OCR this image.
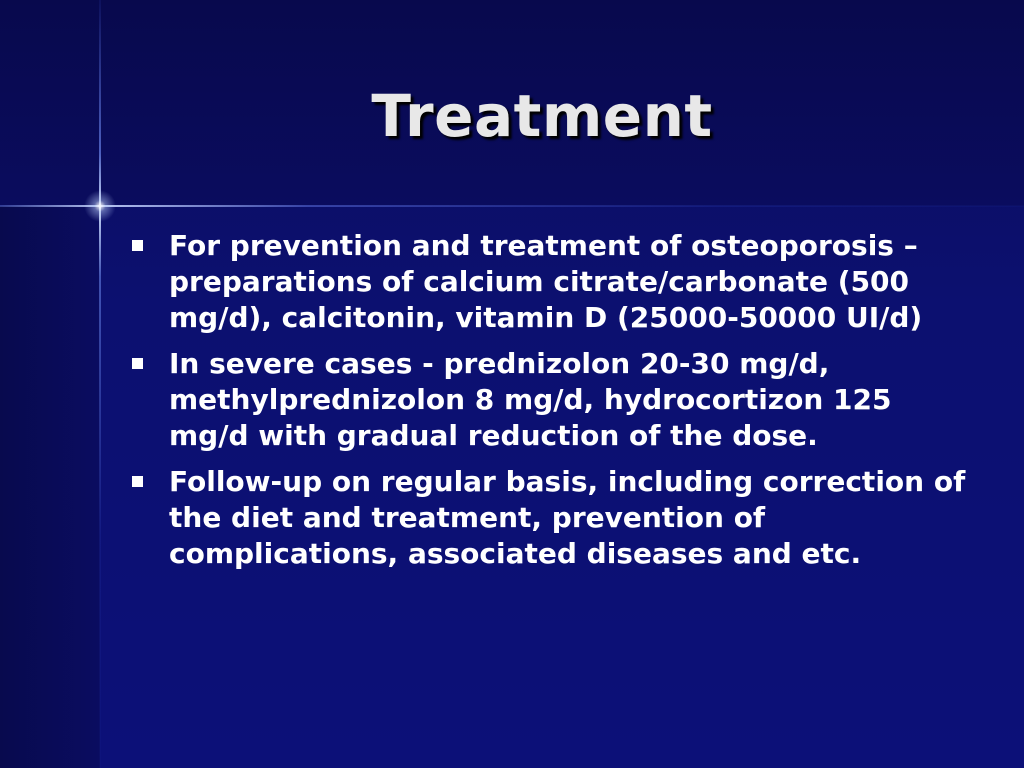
Treatment
For prevention and treatment of osteoporosis – preparations of calcium citrate/carbonate (500 mg/d), calcitonin, vitamin D (25000-50000 UI/d)
In severe cases - prednizolon 20-30 mg/d, methylprednizolon 8 mg/d, hydrocortizon 125 mg/d with gradual reduction of the dose.
Follow-up on regular basis, including correction of the diet and treatment, prevention of complications, associated diseases and etc.
